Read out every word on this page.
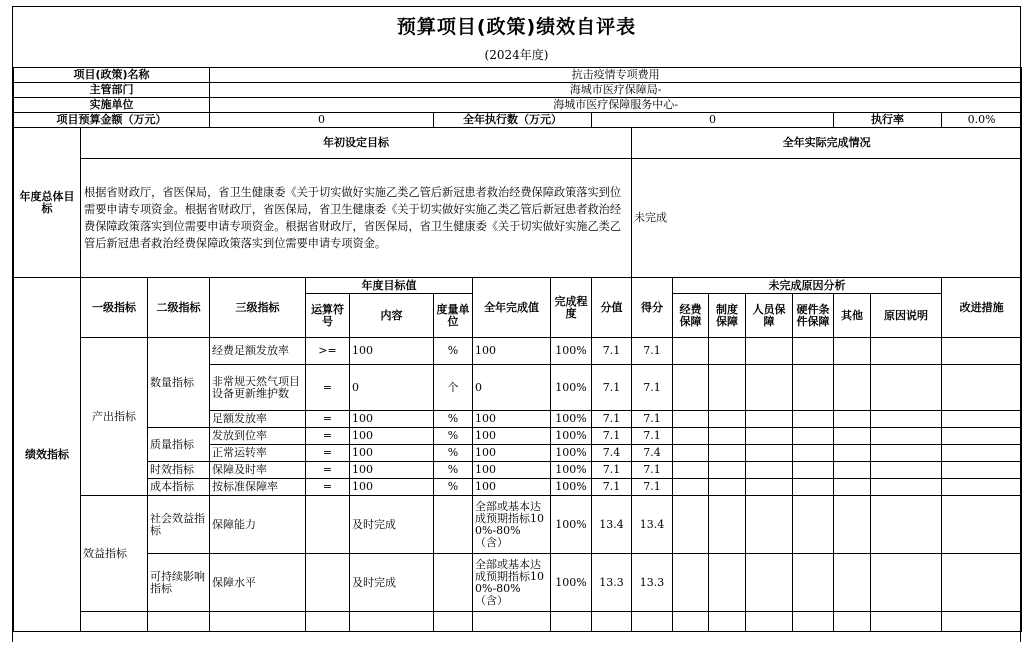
预算项目(政策)绩效自评表
(2024年度)
项目(政策)名称			抗击疫情专项费用														
主管部门			海城市医疗保障局-														
实施单位			海城市医疗保障服务中心-														
项目预算金额（万元）			0			全年执行数（万元）			0						执行率		0.0%
年度总体目标	年初设定目标									全年实际完成情况							
	根据省财政厅，省医保局，省卫生健康委《关于切实做好实施乙类乙管后新冠患者救治经费保障政策落实到位需要申请专项资金。根据省财政厅，省医保局，省卫生健康委《关于切实做好实施乙类乙管后新冠患者救治经费保障政策落实到位需要申请专项资金。根据省财政厅，省医保局，省卫生健康委《关于切实做好实施乙类乙管后新冠患者救治经费保障政策落实到位需要申请专项资金。									未完成							
绩效指标	一级指标	二级指标	三级指标	年度目标值			全年完成值	完成程度	分值	得分	未完成原因分析						改进措施
				运算符号	内容	度量单位					经费保障	制度保障	人员保障	硬件条件保障	其他	原因说明	
	产出指标	数量指标	经费足额发放率	>=	100	%	100	100%	7.1	7.1							
			非常规天然气项目设备更新维护数	=	0	个	0	100%	7.1	7.1							
			足额发放率	=	100	%	100	100%	7.1	7.1							
		质量指标	发放到位率	=	100	%	100	100%	7.1	7.1							
			正常运转率	=	100	%	100	100%	7.4	7.4							
		时效指标	保障及时率	=	100	%	100	100%	7.1	7.1							
		成本指标	按标准保障率	=	100	%	100	100%	7.1	7.1							
	效益指标	社会效益指标	保障能力		及时完成		全部或基本达成预期指标100%-80%（含）	100%	13.4	13.4							
		可持续影响指标	保障水平		及时完成		全部或基本达成预期指标100%-80%（含）	100%	13.3	13.3							
